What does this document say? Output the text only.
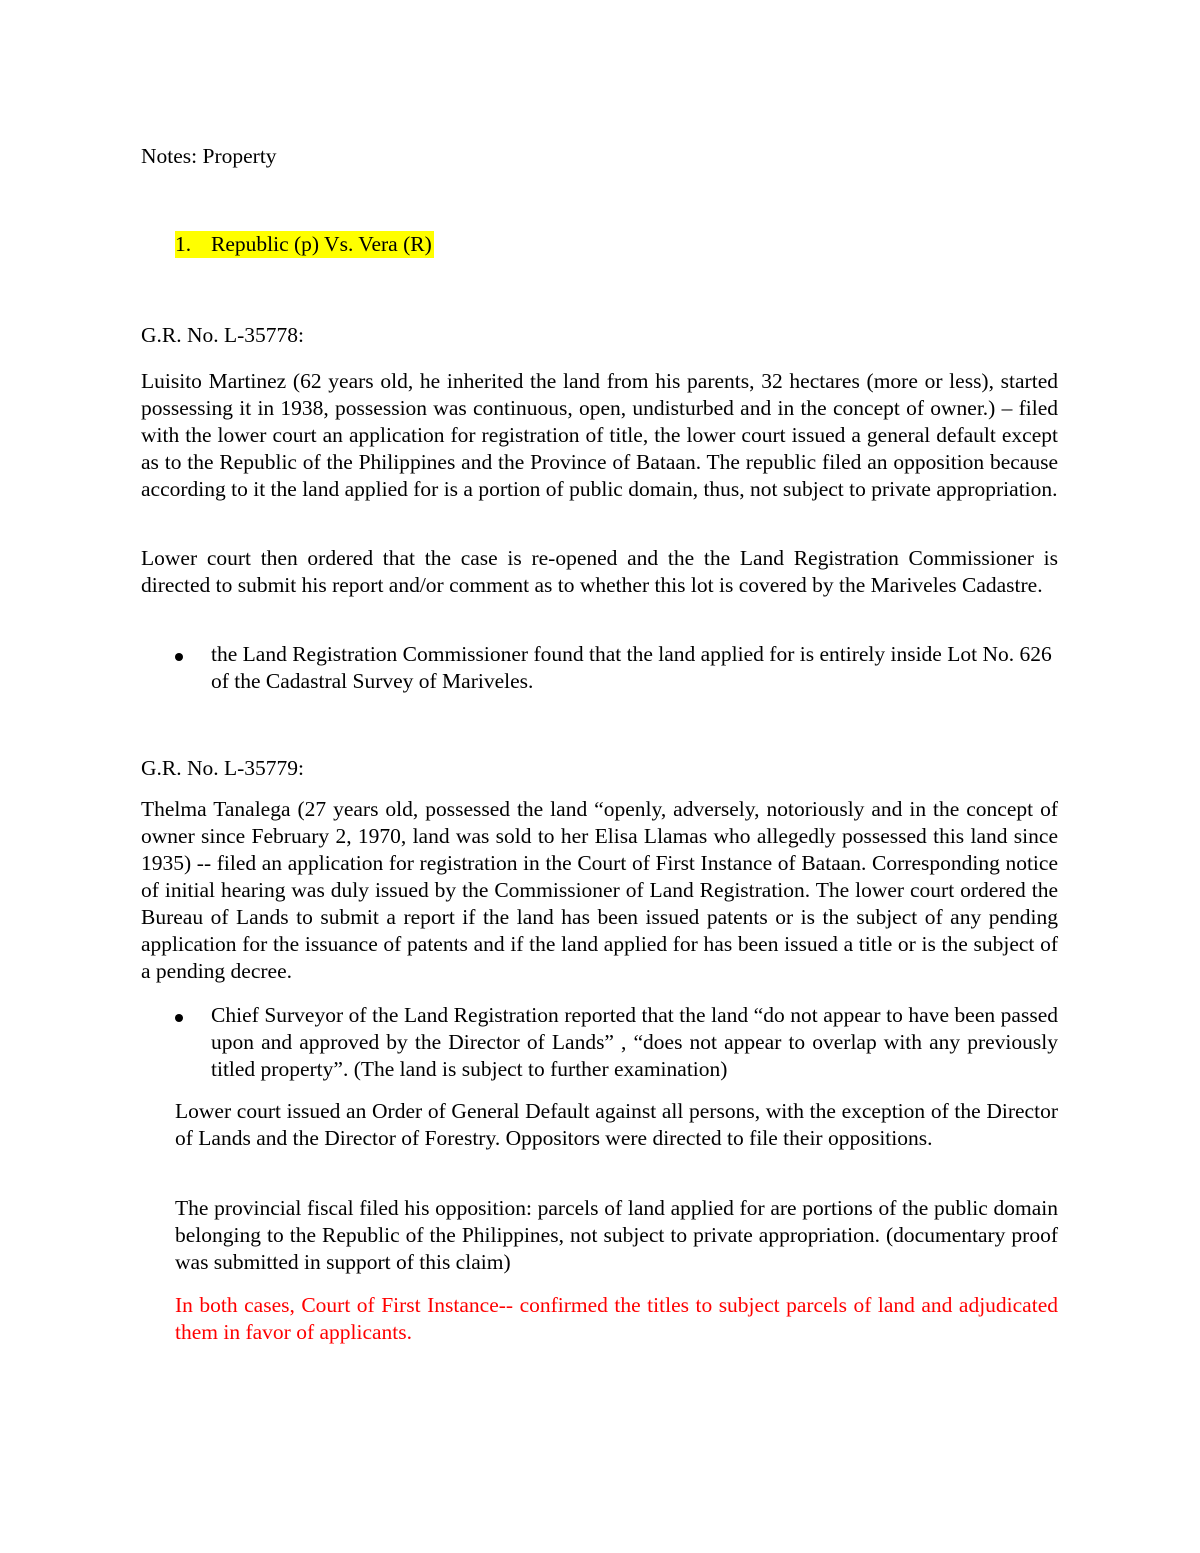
Notes: Property

1. Republic (p) Vs. Vera (R)

G.R. No. L-35778:

Luisito Martinez (62 years old, he inherited the land from his parents, 32 hectares (more or less), started possessing it in 1938, possession was continuous, open, undisturbed and in the concept of owner.) – filed with the lower court an application for registration of title, the lower court issued a general default except as to the Republic of the Philippines and the Province of Bataan. The republic filed an opposition because according to it the land applied for is a portion of public domain, thus, not subject to private appropriation.

Lower court then ordered that the case is re-opened and the the Land Registration Commissioner is directed to submit his report and/or comment as to whether this lot is covered by the Mariveles Cadastre.

the Land Registration Commissioner found that the land applied for is entirely inside Lot No. 626 of the Cadastral Survey of Mariveles.

G.R. No. L-35779:

Thelma Tanalega (27 years old, possessed the land “openly, adversely, notoriously and in the concept of owner since February 2, 1970, land was sold to her Elisa Llamas who allegedly possessed this land since 1935) -- filed an application for registration in the Court of First Instance of Bataan. Corresponding notice of initial hearing was duly issued by the Commissioner of Land Registration. The lower court ordered the Bureau of Lands to submit a report if the land has been issued patents or is the subject of any pending application for the issuance of patents and if the land applied for has been issued a title or is the subject of a pending decree.

Chief Surveyor of the Land Registration reported that the land “do not appear to have been passed upon and approved by the Director of Lands” , “does not appear to overlap with any previously titled property”. (The land is subject to further examination)

Lower court issued an Order of General Default against all persons, with the exception of the Director of Lands and the Director of Forestry. Oppositors were directed to file their oppositions.

The provincial fiscal filed his opposition: parcels of land applied for are portions of the public domain belonging to the Republic of the Philippines, not subject to private appropriation. (documentary proof was submitted in support of this claim)

In both cases, Court of First Instance-- confirmed the titles to subject parcels of land and adjudicated them in favor of applicants.
